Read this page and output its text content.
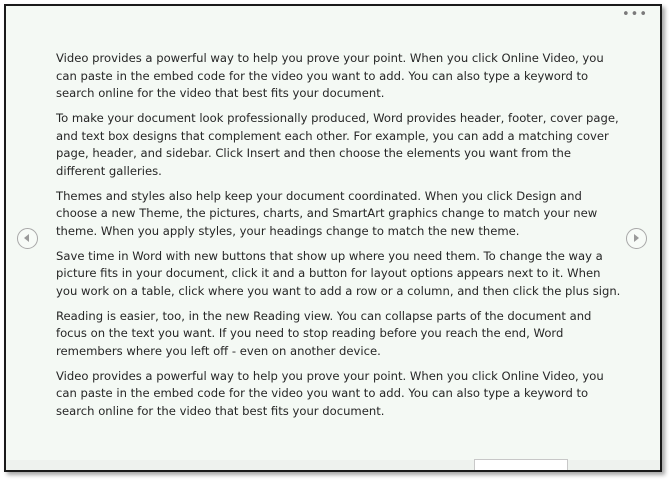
•••

Video provides a powerful way to help you prove your point. When you click Online Video, you can paste in the embed code for the video you want to add. You can also type a keyword to search online for the video that best fits your document.

To make your document look professionally produced, Word provides header, footer, cover page, and text box designs that complement each other. For example, you can add a matching cover page, header, and sidebar. Click Insert and then choose the elements you want from the different galleries.

Themes and styles also help keep your document coordinated. When you click Design and choose a new Theme, the pictures, charts, and SmartArt graphics change to match your new theme. When you apply styles, your headings change to match the new theme.

Save time in Word with new buttons that show up where you need them. To change the way a picture fits in your document, click it and a button for layout options appears next to it. When you work on a table, click where you want to add a row or a column, and then click the plus sign.

Reading is easier, too, in the new Reading view. You can collapse parts of the document and focus on the text you want. If you need to stop reading before you reach the end, Word remembers where you left off - even on another device.

Video provides a powerful way to help you prove your point. When you click Online Video, you can paste in the embed code for the video you want to add. You can also type a keyword to search online for the video that best fits your document.
